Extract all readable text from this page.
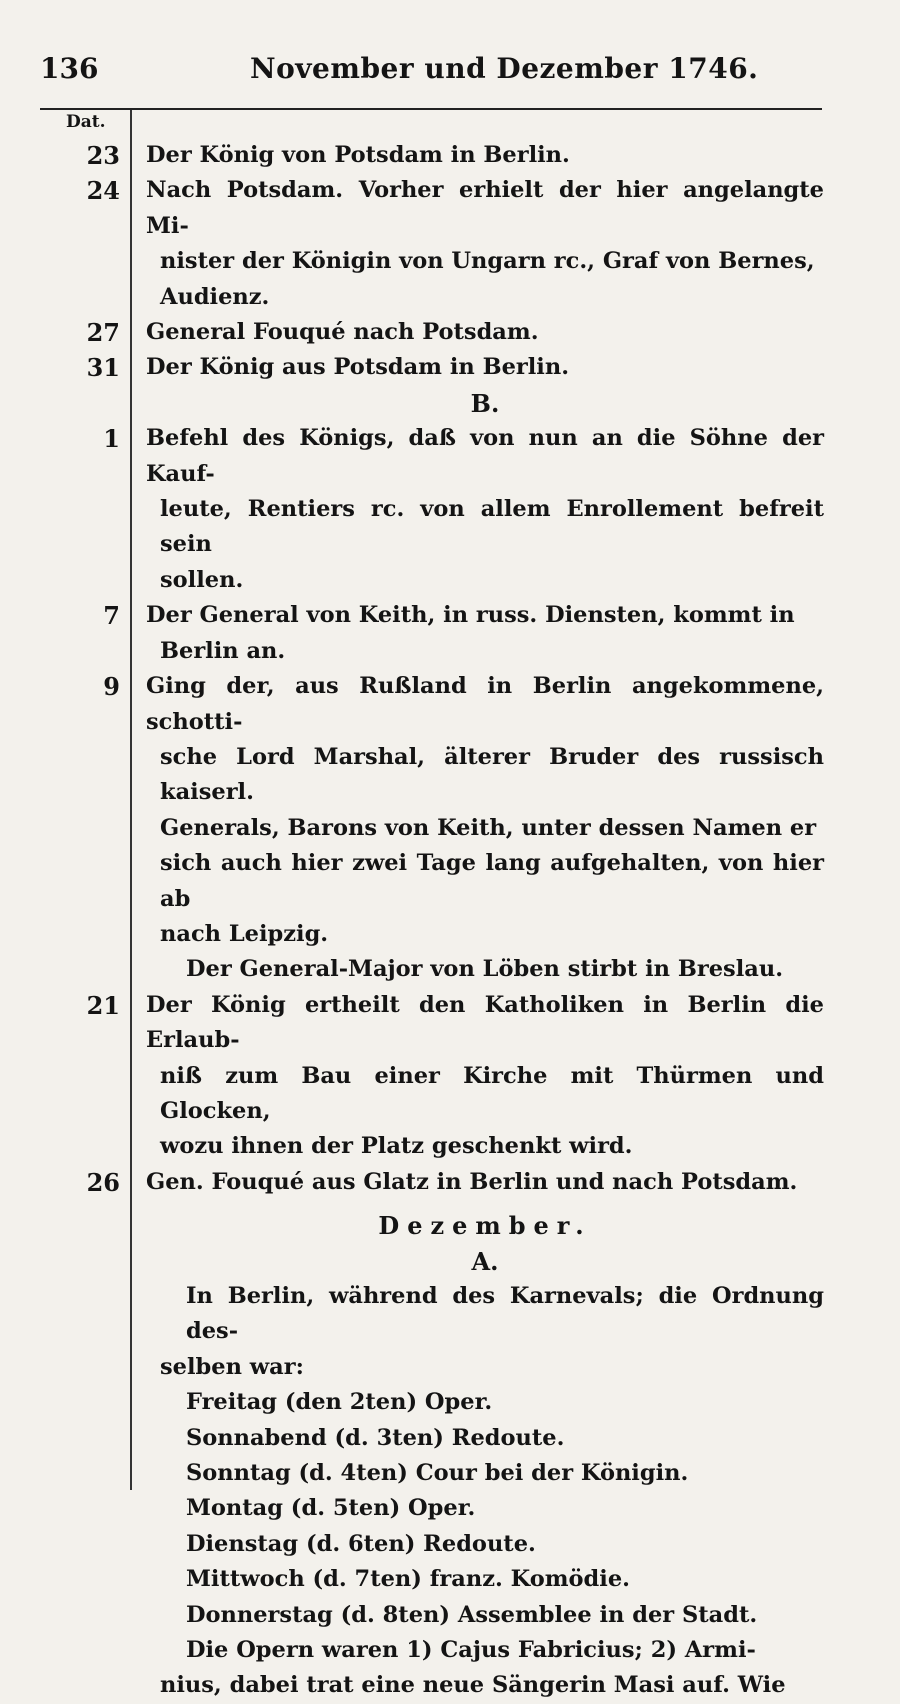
136	November und Dezember 1746.
Dat.
23 Der König von Potsdam in Berlin.
24 Nach Potsdam. Vorher erhielt der hier angelangte Mi-
nister der Königin von Ungarn rc., Graf von Bernes,
Audienz.
27 General Fouqué nach Potsdam.
31 Der König aus Potsdam in Berlin.
B.
1 Befehl des Königs, daß von nun an die Söhne der Kauf-
leute, Rentiers rc. von allem Enrollement befreit sein
sollen.
7 Der General von Keith, in russ. Diensten, kommt in
Berlin an.
9 Ging der, aus Rußland in Berlin angekommene, schotti-
sche Lord Marshal, älterer Bruder des russisch kaiserl.
Generals, Barons von Keith, unter dessen Namen er
sich auch hier zwei Tage lang aufgehalten, von hier ab
nach Leipzig.
Der General-Major von Löben stirbt in Breslau.
21 Der König ertheilt den Katholiken in Berlin die Erlaub-
niß zum Bau einer Kirche mit Thürmen und Glocken,
wozu ihnen der Platz geschenkt wird.
26 Gen. Fouqué aus Glatz in Berlin und nach Potsdam.
Dezember.
A.
In Berlin, während des Karnevals; die Ordnung des-
selben war:
Freitag (den 2ten) Oper.
Sonnabend (d. 3ten) Redoute.
Sonntag (d. 4ten) Cour bei der Königin.
Montag (d. 5ten) Oper.
Dienstag (d. 6ten) Redoute.
Mittwoch (d. 7ten) franz. Komödie.
Donnerstag (d. 8ten) Assemblee in der Stadt.
Die Opern waren 1) Cajus Fabricius; 2) Armi-
nius, dabei trat eine neue Sängerin Masi auf. Wie
